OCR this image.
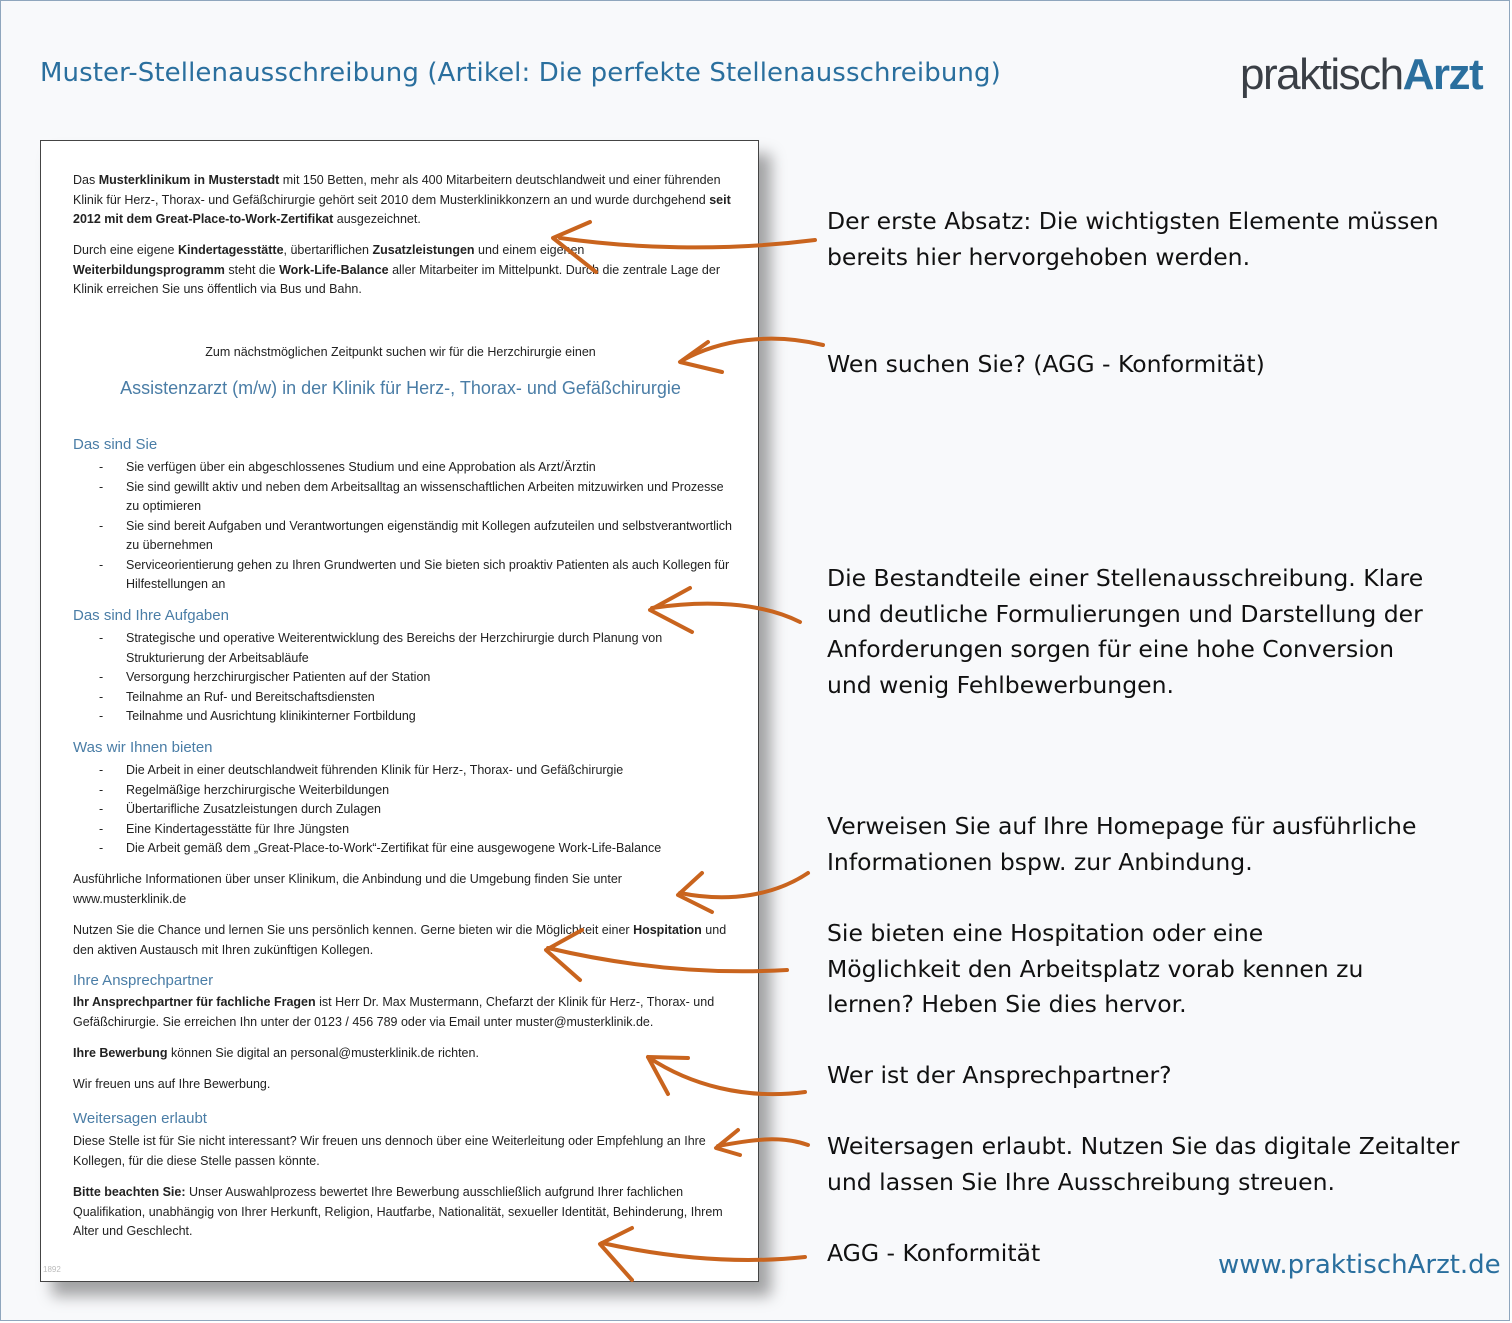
Muster-Stellenausschreibung (Artikel: Die perfekte Stellenausschreibung)	praktischArzt

Das Musterklinikum in Musterstadt mit 150 Betten, mehr als 400 Mitarbeitern deutschlandweit und einer führenden Klinik für Herz-, Thorax- und Gefäßchirurgie gehört seit 2010 dem Musterklinikkonzern an und wurde durchgehend seit 2012 mit dem Great-Place-to-Work-Zertifikat ausgezeichnet.

Durch eine eigene Kindertagesstätte, übertariflichen Zusatzleistungen und einem eigenen Weiterbildungsprogramm steht die Work-Life-Balance aller Mitarbeiter im Mittelpunkt. Durch die zentrale Lage der Klinik erreichen Sie uns öffentlich via Bus und Bahn.

Zum nächstmöglichen Zeitpunkt suchen wir für die Herzchirurgie einen

Assistenzarzt (m/w) in der Klinik für Herz-, Thorax- und Gefäßchirurgie

Das sind Sie

- Sie verfügen über ein abgeschlossenes Studium und eine Approbation als Arzt/Ärztin
- Sie sind gewillt aktiv und neben dem Arbeitsalltag an wissenschaftlichen Arbeiten mitzuwirken und Prozesse zu optimieren
- Sie sind bereit Aufgaben und Verantwortungen eigenständig mit Kollegen aufzuteilen und selbstverantwortlich zu übernehmen
- Serviceorientierung gehen zu Ihren Grundwerten und Sie bieten sich proaktiv Patienten als auch Kollegen für Hilfestellungen an

Das sind Ihre Aufgaben

- Strategische und operative Weiterentwicklung des Bereichs der Herzchirurgie durch Planung von Strukturierung der Arbeitsabläufe
- Versorgung herzchirurgischer Patienten auf der Station
- Teilnahme an Ruf- und Bereitschaftsdiensten
- Teilnahme und Ausrichtung klinikinterner Fortbildung

Was wir Ihnen bieten

- Die Arbeit in einer deutschlandweit führenden Klinik für Herz-, Thorax- und Gefäßchirurgie
- Regelmäßige herzchirurgische Weiterbildungen
- Übertarifliche Zusatzleistungen durch Zulagen
- Eine Kindertagesstätte für Ihre Jüngsten
- Die Arbeit gemäß dem „Great-Place-to-Work“-Zertifikat für eine ausgewogene Work-Life-Balance

Ausführliche Informationen über unser Klinikum, die Anbindung und die Umgebung finden Sie unter www.musterklinik.de

Nutzen Sie die Chance und lernen Sie uns persönlich kennen. Gerne bieten wir die Möglichkeit einer Hospitation und den aktiven Austausch mit Ihren zukünftigen Kollegen.

Ihre Ansprechpartner

Ihr Ansprechpartner für fachliche Fragen ist Herr Dr. Max Mustermann, Chefarzt der Klinik für Herz-, Thorax- und Gefäßchirurgie. Sie erreichen Ihn unter der 0123 / 456 789 oder via Email unter muster@musterklinik.de.

Ihre Bewerbung können Sie digital an personal@musterklinik.de richten.

Wir freuen uns auf Ihre Bewerbung.

Weitersagen erlaubt

Diese Stelle ist für Sie nicht interessant? Wir freuen uns dennoch über eine Weiterleitung oder Empfehlung an Ihre Kollegen, für die diese Stelle passen könnte.

Bitte beachten Sie: Unser Auswahlprozess bewertet Ihre Bewerbung ausschließlich aufgrund Ihrer fachlichen Qualifikation, unabhängig von Ihrer Herkunft, Religion, Hautfarbe, Nationalität, sexueller Identität, Behinderung, Ihrem Alter und Geschlecht.

1892
Der erste Absatz: Die wichtigsten Elemente müssen bereits hier hervorgehoben werden.
Wen suchen Sie? (AGG - Konformität)
Die Bestandteile einer Stellenausschreibung. Klare und deutliche Formulierungen und Darstellung der Anforderungen sorgen für eine hohe Conversion und wenig Fehlbewerbungen.
Verweisen Sie auf Ihre Homepage für ausführliche Informationen bspw. zur Anbindung.
Sie bieten eine Hospitation oder eine Möglichkeit den Arbeitsplatz vorab kennen zu lernen? Heben Sie dies hervor.
Wer ist der Ansprechpartner?
Weitersagen erlaubt. Nutzen Sie das digitale Zeitalter und lassen Sie Ihre Ausschreibung streuen.
AGG - Konformität	www.praktischArzt.de
